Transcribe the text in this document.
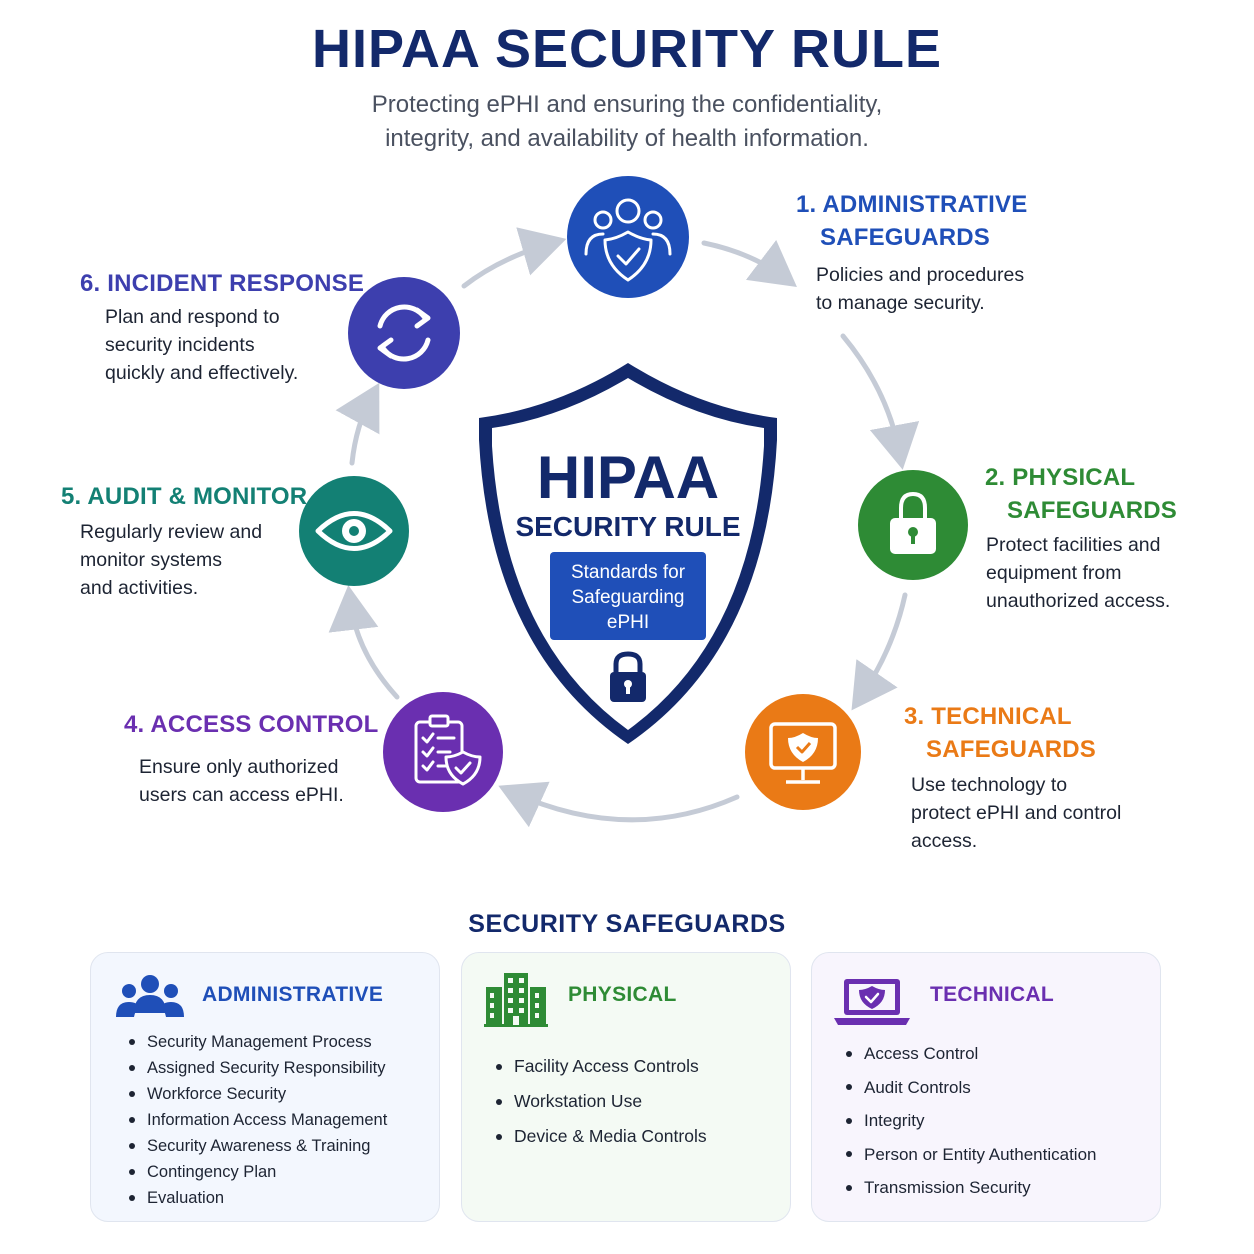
HIPAA SECURITY RULE
Protecting ePHI and ensuring the confidentiality,
integrity, and availability of health information.
HIPAA
SECURITY RULE
Standards for
Safeguarding
ePHI
1. ADMINISTRATIVE
SAFEGUARDS
Policies and procedures
to manage security.
2. PHYSICAL
SAFEGUARDS
Protect facilities and
equipment from
unauthorized access.
3. TECHNICAL
SAFEGUARDS
Use technology to
protect ePHI and control
access.
4. ACCESS CONTROL
Ensure only authorized
users can access ePHI.
5. AUDIT & MONITOR
Regularly review and
monitor systems
and activities.
6. INCIDENT RESPONSE
Plan and respond to
security incidents
quickly and effectively.
SECURITY SAFEGUARDS
ADMINISTRATIVE
Security Management Process
Assigned Security Responsibility
Workforce Security
Information Access Management
Security Awareness & Training
Contingency Plan
Evaluation
PHYSICAL
Facility Access Controls
Workstation Use
Device & Media Controls
TECHNICAL
Access Control
Audit Controls
Integrity
Person or Entity Authentication
Transmission Security
